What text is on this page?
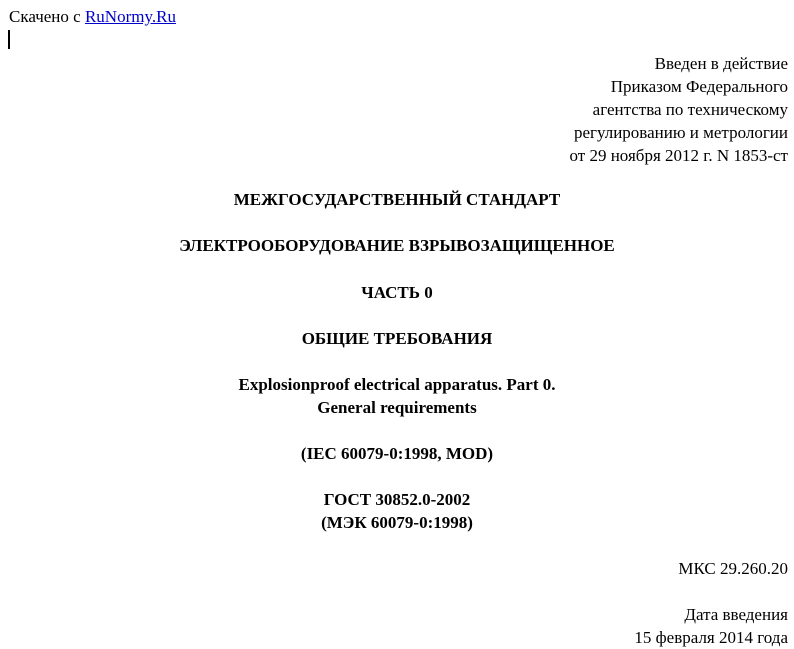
Скачено с RuNormy.Ru
Введен в действие
Приказом Федерального
агентства по техническому
регулированию и метрологии
от 29 ноября 2012 г. N 1853-ст
МЕЖГОСУДАРСТВЕННЫЙ СТАНДАРТ
ЭЛЕКТРООБОРУДОВАНИЕ ВЗРЫВОЗАЩИЩЕННОЕ
ЧАСТЬ 0
ОБЩИЕ ТРЕБОВАНИЯ
Explosionproof electrical apparatus. Part 0.
General requirements
(IEC 60079-0:1998, MOD)
ГОСТ 30852.0-2002
(МЭК 60079-0:1998)
МКС 29.260.20
Дата введения
15 февраля 2014 года
